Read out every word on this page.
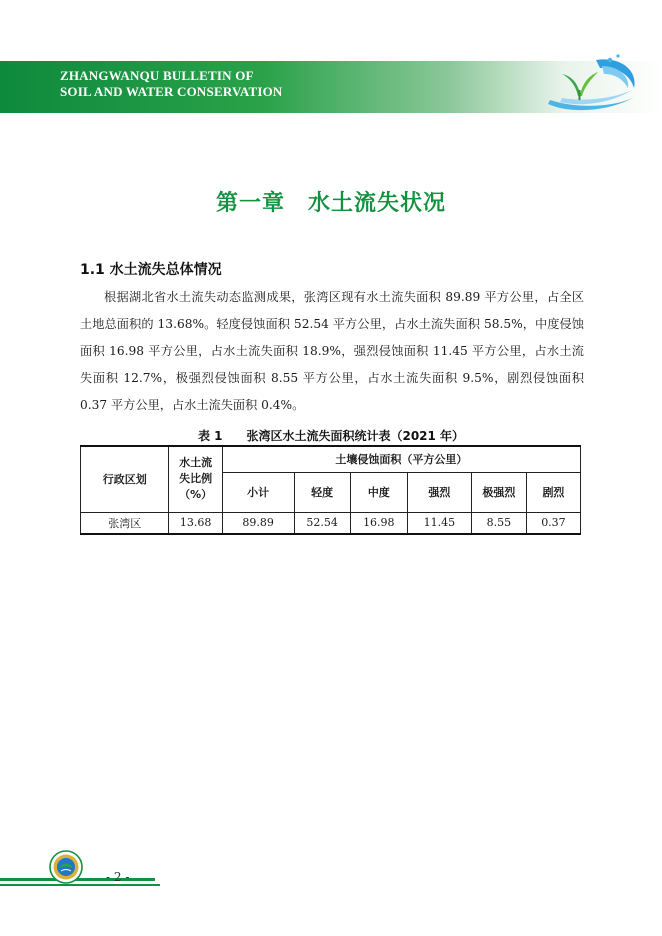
ZHANGWANQU BULLETIN OF
SOIL AND WATER CONSERVATION
第一章　水土流失状况
1.1 水土流失总体情况

根据湖北省水土流失动态监测成果，张湾区现有水土流失面积 89.89 平方公里，占全区土地总面积的 13.68%。轻度侵蚀面积 52.54 平方公里，占水土流失面积 58.5%，中度侵蚀面积 16.98 平方公里，占水土流失面积 18.9%，强烈侵蚀面积 11.45 平方公里，占水土流失面积 12.7%，极强烈侵蚀面积 8.55 平方公里，占水土流失面积 9.5%，剧烈侵蚀面积 0.37 平方公里，占水土流失面积 0.4%。

表 1　　张湾区水土流失面积统计表（2021 年）
行政区划	水土流
失比例
（%）	土壤侵蚀面积（平方公里）					
		小计	轻度	中度	强烈	极强烈	剧烈
张湾区	13.68	89.89	52.54	16.98	11.45	8.55	0.37
- 2 -
